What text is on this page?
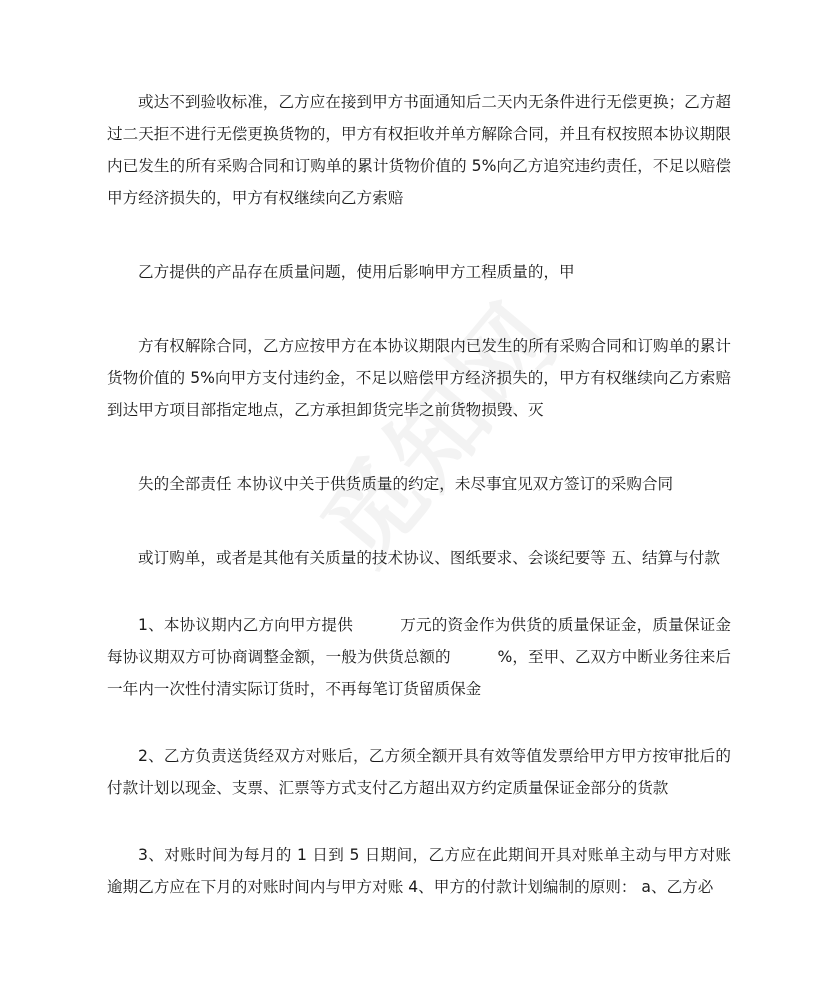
或达不到验收标准，乙方应在接到甲方书面通知后二天内无条件进行无偿更换；乙方超过二天拒不进行无偿更换货物的，甲方有权拒收并单方解除合同，并且有权按照本协议期限内已发生的所有采购合同和订购单的累计货物价值的 5%向乙方追究违约责任，不足以赔偿甲方经济损失的，甲方有权继续向乙方索赔

乙方提供的产品存在质量问题，使用后影响甲方工程质量的，甲

方有权解除合同，乙方应按甲方在本协议期限内已发生的所有采购合同和订购单的累计货物价值的 5%向甲方支付违约金，不足以赔偿甲方经济损失的，甲方有权继续向乙方索赔 到达甲方项目部指定地点，乙方承担卸货完毕之前货物损毁、灭

失的全部责任 本协议中关于供货质量的约定，未尽事宜见双方签订的采购合同

或订购单，或者是其他有关质量的技术协议、图纸要求、会谈纪要等 五、结算与付款

1、本协议期内乙方向甲方提供　　　万元的资金作为供货的质量保证金，质量保证金每协议期双方可协商调整金额，一般为供货总额的　　　%，至甲、乙双方中断业务往来后一年内一次性付清实际订货时，不再每笔订货留质保金

2、乙方负责送货经双方对账后，乙方须全额开具有效等值发票给甲方甲方按审批后的付款计划以现金、支票、汇票等方式支付乙方超出双方约定质量保证金部分的货款

3、对账时间为每月的 1 日到 5 日期间，乙方应在此期间开具对账单主动与甲方对账逾期乙方应在下月的对账时间内与甲方对账 4、甲方的付款计划编制的原则： a、乙方必
